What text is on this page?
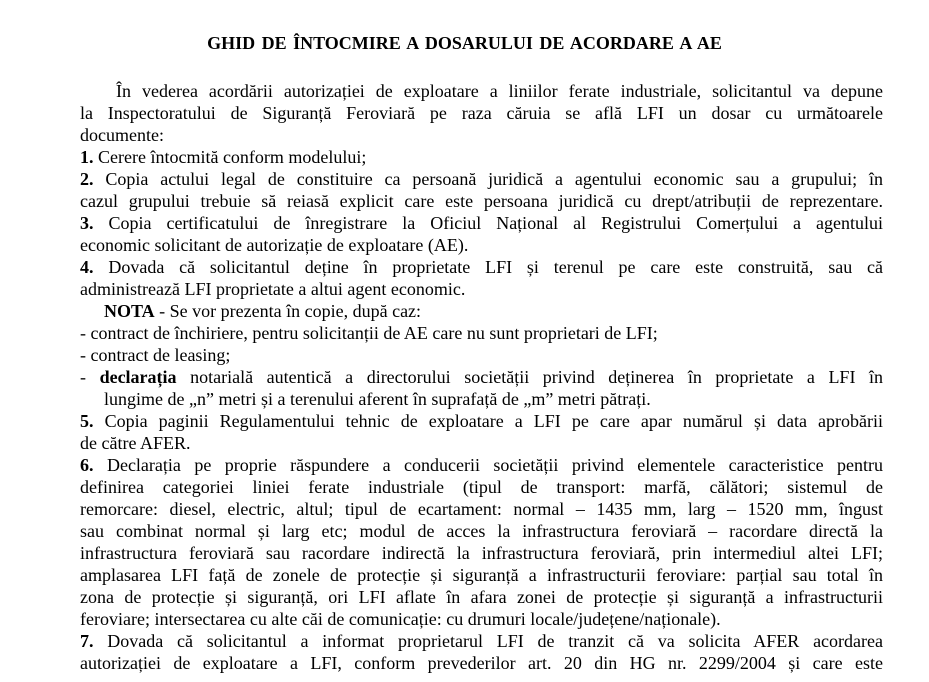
GHID DE ÎNTOCMIRE A DOSARULUI DE ACORDARE A AE
În vederea acordării autorizației de exploatare a liniilor ferate industriale, solicitantul va depune
la Inspectoratului de Siguranță Feroviară pe raza căruia se află LFI un dosar cu următoarele
documente:
1. Cerere întocmită conform modelului;
2. Copia actului legal de constituire ca persoană juridică a agentului economic sau a grupului; în
cazul grupului trebuie să reiasă explicit care este persoana juridică cu drept/atribuții de reprezentare.
3. Copia certificatului de înregistrare la Oficiul Național al Registrului Comerțului a agentului
economic solicitant de autorizație de exploatare (AE).
4. Dovada că solicitantul deține în proprietate LFI și terenul pe care este construită, sau că
administrează LFI proprietate a altui agent economic.
NOTA - Se vor prezenta în copie, după caz:
- contract de închiriere, pentru solicitanții de AE care nu sunt proprietari de LFI;
- contract de leasing;
- declarația notarială autentică a directorului societății privind deținerea în proprietate a LFI în
lungime de „n” metri și a terenului aferent în suprafață de „m” metri pătrați.
5. Copia paginii Regulamentului tehnic de exploatare a LFI pe care apar numărul și data aprobării
de către AFER.
6. Declarația pe proprie răspundere a conducerii societății privind elementele caracteristice pentru
definirea categoriei liniei ferate industriale (tipul de transport: marfă, călători; sistemul de
remorcare: diesel, electric, altul; tipul de ecartament: normal – 1435 mm, larg – 1520 mm, îngust
sau combinat normal și larg etc; modul de acces la infrastructura feroviară – racordare directă la
infrastructura feroviară sau racordare indirectă la infrastructura feroviară, prin intermediul altei LFI;
amplasarea LFI față de zonele de protecție și siguranță a infrastructurii feroviare: parțial sau total în
zona de protecție și siguranță, ori LFI aflate în afara zonei de protecție și siguranță a infrastructurii
feroviare; intersectarea cu alte căi de comunicație: cu drumuri locale/județene/naționale).
7. Dovada că solicitantul a informat proprietarul LFI de tranzit că va solicita AFER acordarea
autorizației de exploatare a LFI, conform prevederilor art. 20 din HG nr. 2299/2004 și care este
